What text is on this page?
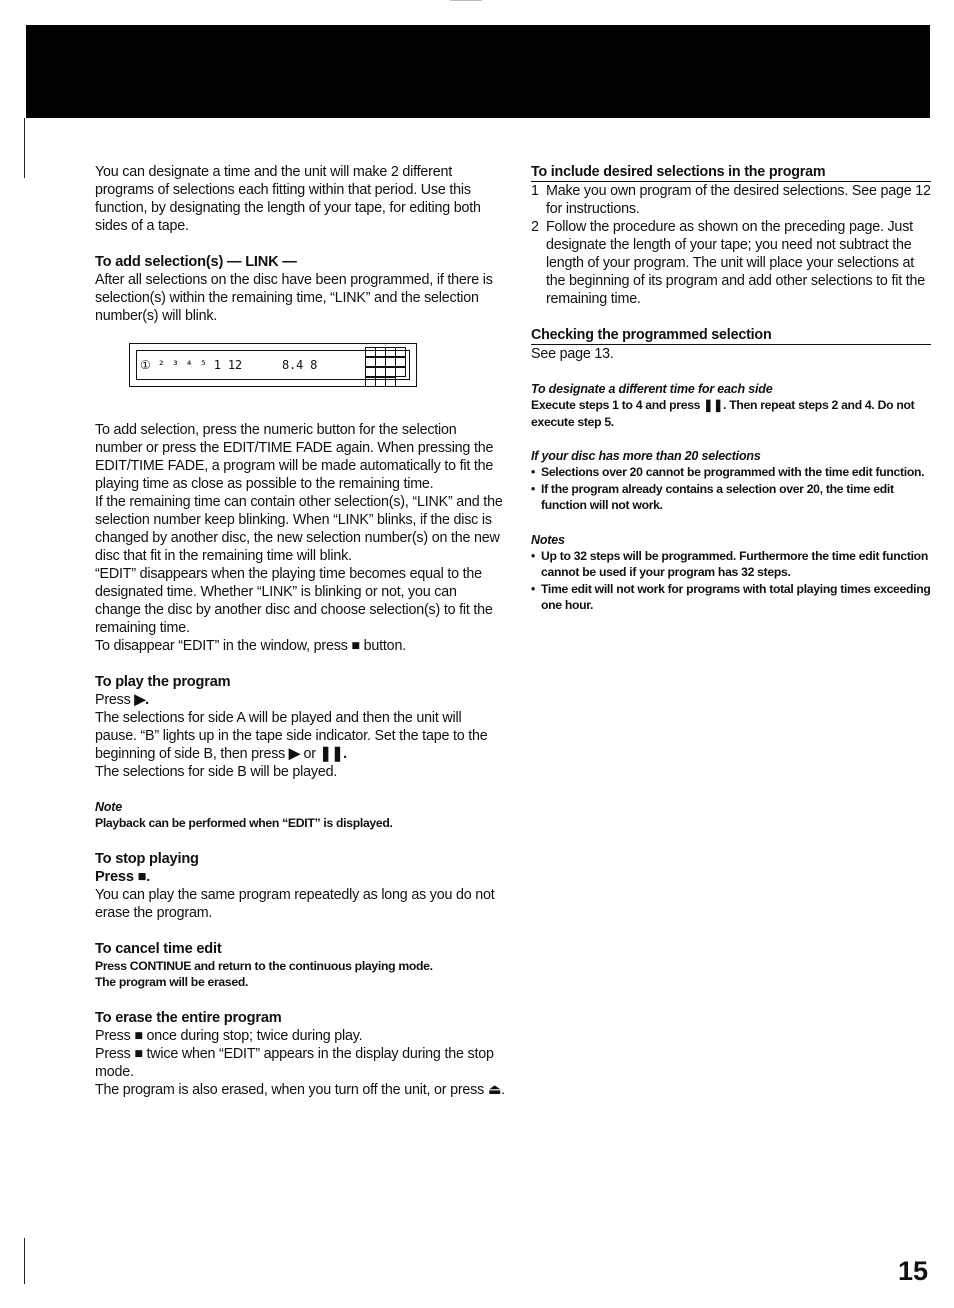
You can designate a time and the unit will make 2 different programs of selections each fitting within that period. Use this function, by designating the length of your tape, for editing both sides of a tape.

To add selection(s) — LINK —

After all selections on the disc have been programmed, if there is selection(s) within the remaining time, “LINK” and the selection number(s) will blink.

① ² ³ ⁴ ⁵ 1 12	8.4 8

To add selection, press the numeric button for the selection number or press the EDIT/TIME FADE again. When pressing the EDIT/TIME FADE, a program will be made automatically to fit the playing time as close as possible to the remaining time.

If the remaining time can contain other selection(s), “LINK” and the selection number keep blinking. When “LINK” blinks, if the disc is changed by another disc, the new selection number(s) on the new disc that fit in the remaining time will blink.

“EDIT” disappears when the playing time becomes equal to the designated time. Whether “LINK” is blinking or not, you can change the disc by another disc and choose selection(s) to fit the remaining time.

To disappear “EDIT” in the window, press ■ button.

To play the program

Press ▶.

The selections for side A will be played and then the unit will pause. “B” lights up in the tape side indicator. Set the tape to the beginning of side B, then press ▶ or ❚❚.

The selections for side B will be played.

Note

Playback can be performed when “EDIT” is displayed.

To stop playing

Press ■.

You can play the same program repeatedly as long as you do not erase the program.

To cancel time edit

Press CONTINUE and return to the continuous playing mode.

The program will be erased.

To erase the entire program

Press ■ once during stop; twice during play.

Press ■ twice when “EDIT” appears in the display during the stop mode.

The program is also erased, when you turn off the unit, or press ⏏.

To include desired selections in the program

1 Make you own program of the desired selections. See page 12 for instructions.
2 Follow the procedure as shown on the preceding page. Just designate the length of your tape; you need not subtract the length of your program. The unit will place your selections at the beginning of its program and add other selections to fit the remaining time.

Checking the programmed selection

See page 13.

To designate a different time for each side

Execute steps 1 to 4 and press ❚❚. Then repeat steps 2 and 4. Do not execute step 5.

If your disc has more than 20 selections

• Selections over 20 cannot be programmed with the time edit function.
• If the program already contains a selection over 20, the time edit function will not work.

Notes

• Up to 32 steps will be programmed. Furthermore the time edit function cannot be used if your program has 32 steps.
• Time edit will not work for programs with total playing times exceeding one hour.
15
